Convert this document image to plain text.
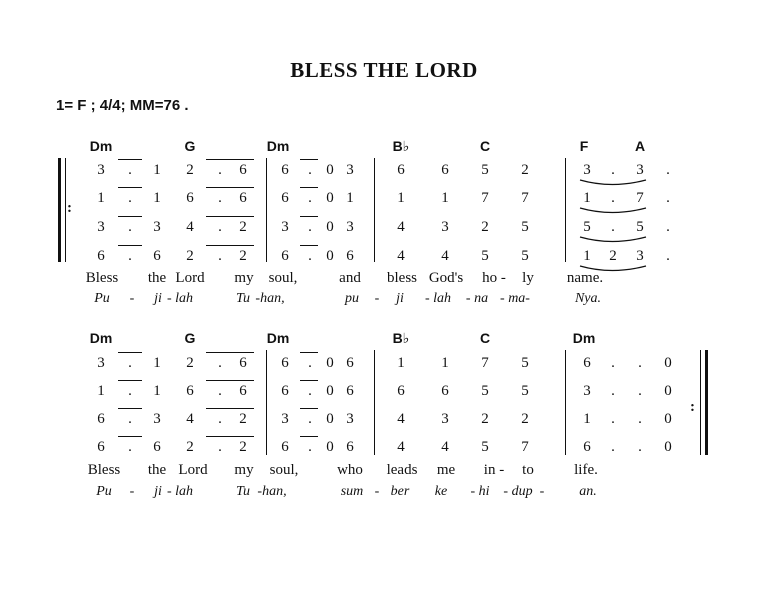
BLESS THE LORD
1= F ; 4/4; MM=76 .
Dm	G	Dm	B♭	C	F	A
3 . 1 2 . 6 6 . 0 3	6 6 5 2	3 . 3 .
1 . 1 6 . 6 6 . 0 1	1 1 7 7	1 . 7 .
3 . 3 4 . 2 3 . 0 3	4 3 2 5	5 . 5 .
6 . 6 2 . 2 6 . 0 6	4 4 5 5	1 2 3 .
Bless the Lord my soul,	and bless God's ho - ly name.
Pu - ji - lah	Tu -han,	pu - ji - lah - na - ma-	Nya.
:
Dm	G	Dm	B♭	C	Dm
3 . 1 2 . 6 6 . 0 6	1 1 7 5	6 . . 0
1 . 1 6 . 6 6 . 0 6	6 6 5 5	3 . . 0
6 . 3 4 . 2 3 . 0 3	4 3 2 2	1 . . 0
6 . 6 2 . 2 6 . 0 6	4 4 5 7	6 . . 0
Bless the Lord my soul,	who leads me in - to	life.
Pu - ji - lah	Tu -han,	sum - ber ke - hi - dup - an.
:
